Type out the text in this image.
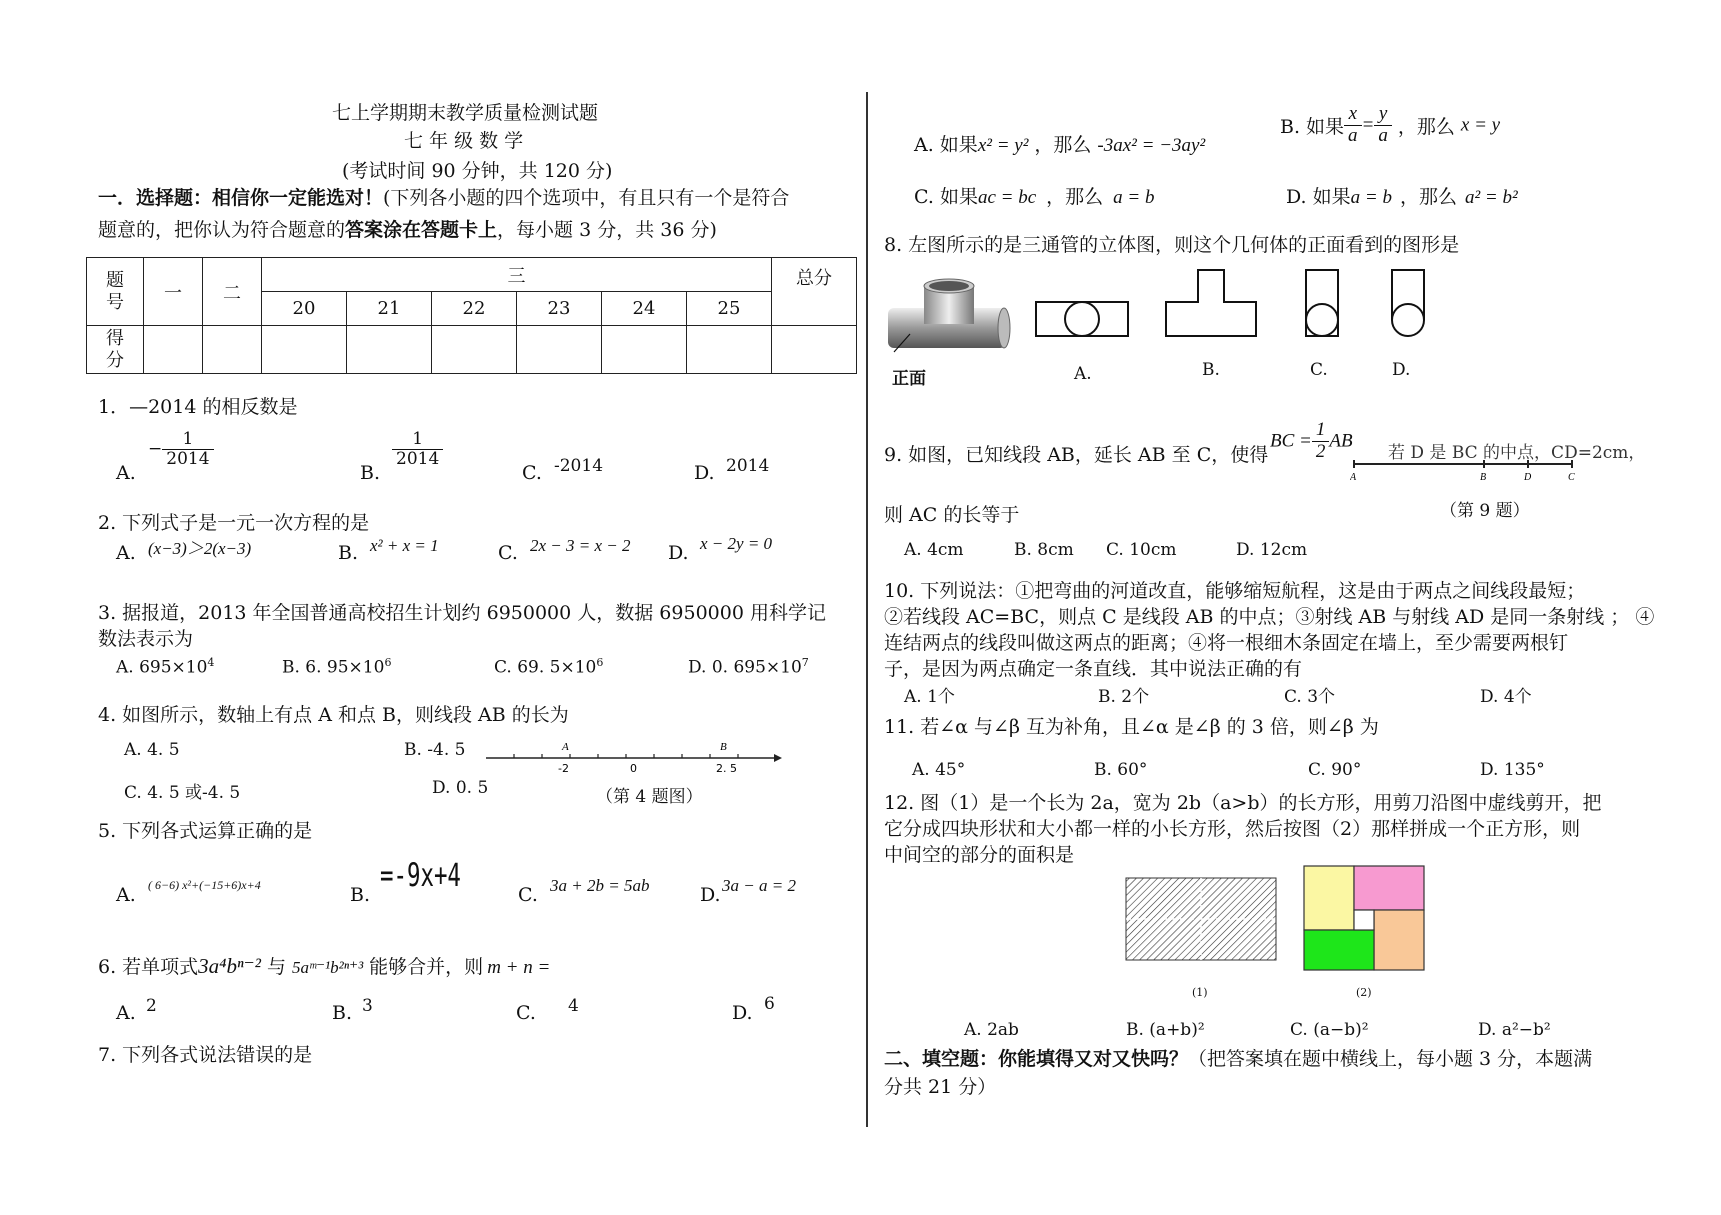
七上学期期末教学质量检测试题
七 年 级 数 学
(考试时间 90 分钟，共 120 分)
一．选择题：相信你一定能选对！(下列各小题的四个选项中，有且只有一个是符合
题意的，把你认为符合题意的答案涂在答题卡上，每小题 3 分，共 36 分)
题号	一	二	三						总分
			20	21	22	23	24	25	

得分									

1．—2014 的相反数是
A.
− $\frac{1}{2014}$
B.
$\frac{1}{2014}$
C. -2014	D. 2014
2. 下列式子是一元一次方程的是
A. (x−3)＞2(x−3)	B. x² + x = 1	C. 2x − 3 = x − 2 D. x − 2y = 0
3. 据报道，2013 年全国普通高校招生计划约 6950000 人，数据 6950000 用科学记
数法表示为
A. $695\times 10^4$	B. 6. $95\times 10^6$	C. 69. $5\times 10^6$	D. 0. $695\times 10^7$
4. 如图所示，数轴上有点 A 和点 B，则线段 AB 的长为
A. 4. 5	B. -4. 5
C. 4. 5 或-4. 5	D. 0. 5
A	B
-2	0	2. 5
（第 4 题图）
5. 下列各式运算正确的是
A. ( 6−6) x²+(−15+6)x+4	B.
=-9x+4
C. 3a + 2b = 5ab	D. 3a − a = 2
6. 若单项式3a⁴bⁿ⁻² 与 5aᵐ⁻¹b²ⁿ⁺³ 能够合并，则 m + n =
A. 2	B. 3	C. 4	D. 6
7. 下列各式说法错误的是
A. 如果x² = y² ，那么 -3ax² = −3ay²
B. 如果 $\frac{x}{a} = \frac{y}{a}$ ，那么 x = y
C. 如果ac = bc ，那么 a = b	D. 如果a = b ，那么 a² = b²
8. 左图所示的是三通管的立体图，则这个几何体的正面看到的图形是
正面	A.	B.	C.	D.
9. 如图，已知线段 AB，延长 AB 至 C，使得
BC = $\frac{1}{2}$ AB
若 D 是 BC 的中点，CD=2cm，
A	B	D	C
则 AC 的长等于	（第 9 题）
A. 4cm	B. 8cm C. 10cm	D. 12cm
10. 下列说法：①把弯曲的河道改直，能够缩短航程，这是由于两点之间线段最短；
②若线段 AC=BC，则点 C 是线段 AB 的中点；③射线 AB 与射线 AD 是同一条射线 ； ④
连结两点的线段叫做这两点的距离；④将一根细木条固定在墙上，至少需要两根钉
子，是因为两点确定一条直线．其中说法正确的有
A. 1个	B. 2个	C. 3个	D. 4个
11. 若∠α 与∠β 互为补角，且∠α 是∠β 的 3 倍，则∠β 为
A. 45°	B. 60°	C. 90°	D. 135°
12. 图（1）是一个长为 2a，宽为 2b（a>b）的长方形，用剪刀沿图中虚线剪开，把
它分成四块形状和大小都一样的小长方形，然后按图（2）那样拼成一个正方形，则
中间空的部分的面积是
(1)	(2)
A. 2ab	B. (a+b)²	C. (a−b)²	D. a²−b²
二、填空题：你能填得又对又快吗？（把答案填在题中横线上，每小题 3 分，本题满
分共 21 分）
